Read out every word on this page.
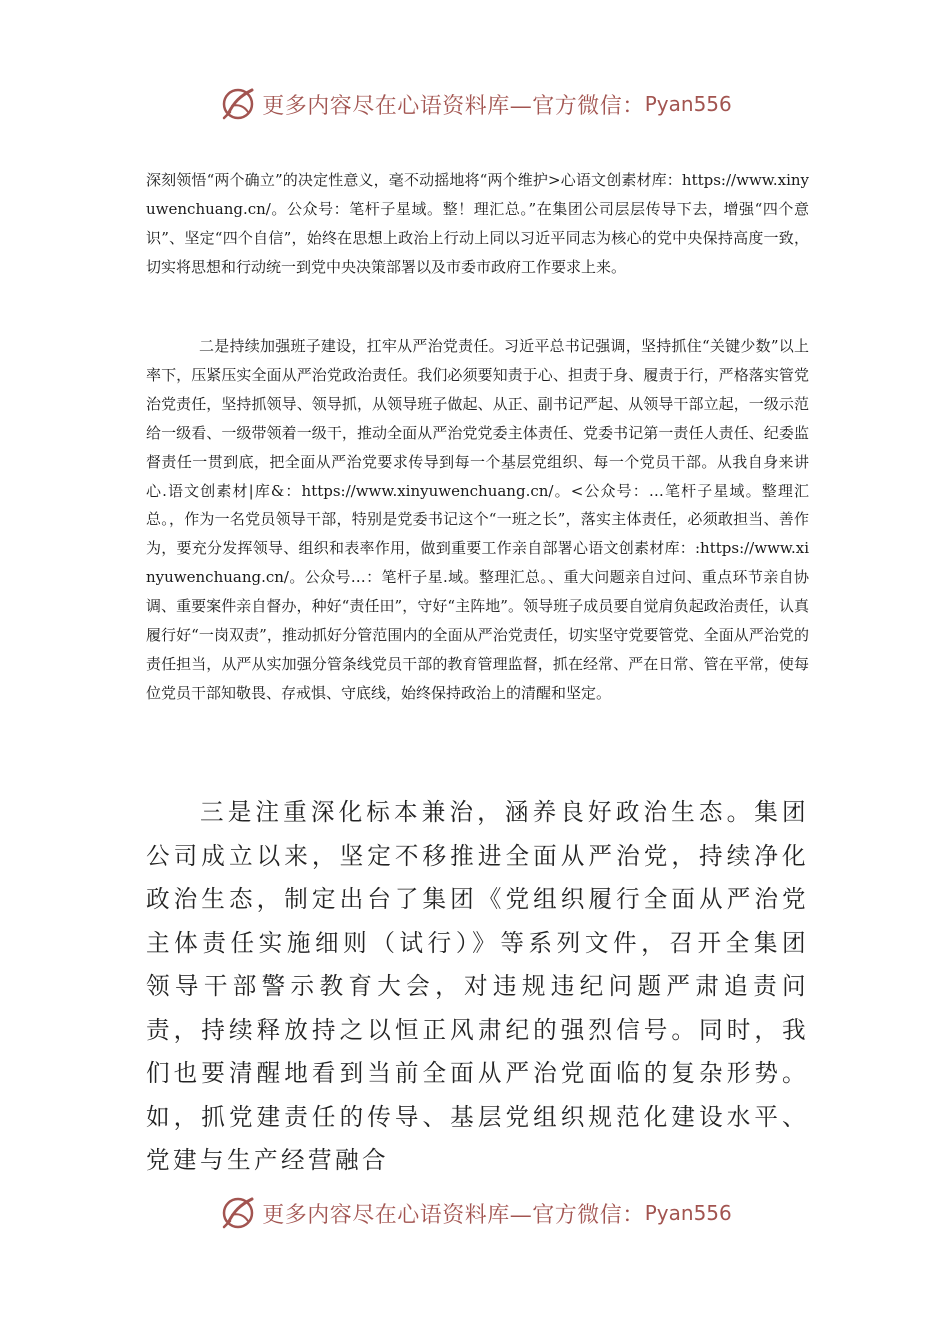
更多内容尽在心语资料库—官方微信： Pyan556

深刻领悟“两个确立”的决定性意义，毫不动摇地将“两个维护>心语文创素材库：https://www.xinyuwenchuang.cn/。公众号：笔杆子星域。整！理汇总。”在集团公司层层传导下去，增强“四个意识”、坚定“四个自信”，始终在思想上政治上行动上同以习近平同志为核心的党中央保持高度一致，切实将思想和行动统一到党中央决策部署以及市委市政府工作要求上来。

二是持续加强班子建设，扛牢从严治党责任。习近平总书记强调，坚持抓住“关键少数”以上率下，压紧压实全面从严治党政治责任。我们必须要知责于心、担责于身、履责于行，严格落实管党治党责任，坚持抓领导、领导抓，从领导班子做起、从正、副书记严起、从领导干部立起，一级示范给一级看、一级带领着一级干，推动全面从严治党党委主体责任、党委书记第一责任人责任、纪委监督责任一贯到底，把全面从严治党要求传导到每一个基层党组织、每一个党员干部。从我自身来讲心.语文创素材|库&：https://www.xinyuwenchuang.cn/。<公众号：…笔杆子星域。整理汇总。，作为一名党员领导干部，特别是党委书记这个“一班之长”，落实主体责任，必须敢担当、善作为，要充分发挥领导、组织和表率作用，做到重要工作亲自部署心语文创素材库：:https://www.xinyuwenchuang.cn/。公众号…：笔杆子星.域。整理汇总。、重大问题亲自过问、重点环节亲自协调、重要案件亲自督办，种好“责任田”，守好“主阵地”。领导班子成员要自觉肩负起政治责任，认真履行好“一岗双责”，推动抓好分管范围内的全面从严治党责任，切实坚守党要管党、全面从严治党的责任担当，从严从实加强分管条线党员干部的教育管理监督，抓在经常、严在日常、管在平常，使每位党员干部知敬畏、存戒惧、守底线，始终保持政治上的清醒和坚定。

三是注重深化标本兼治，涵养良好政治生态。集团公司成立以来，坚定不移推进全面从严治党，持续净化政治生态，制定出台了集团《党组织履行全面从严治党主体责任实施细则（试行）》等系列文件，召开全集团领导干部警示教育大会，对违规违纪问题严肃追责问责，持续释放持之以恒正风肃纪的强烈信号。同时，我们也要清醒地看到当前全面从严治党面临的复杂形势。如，抓党建责任的传导、基层党组织规范化建设水平、党建与生产经营融合

更多内容尽在心语资料库—官方微信： Pyan556
